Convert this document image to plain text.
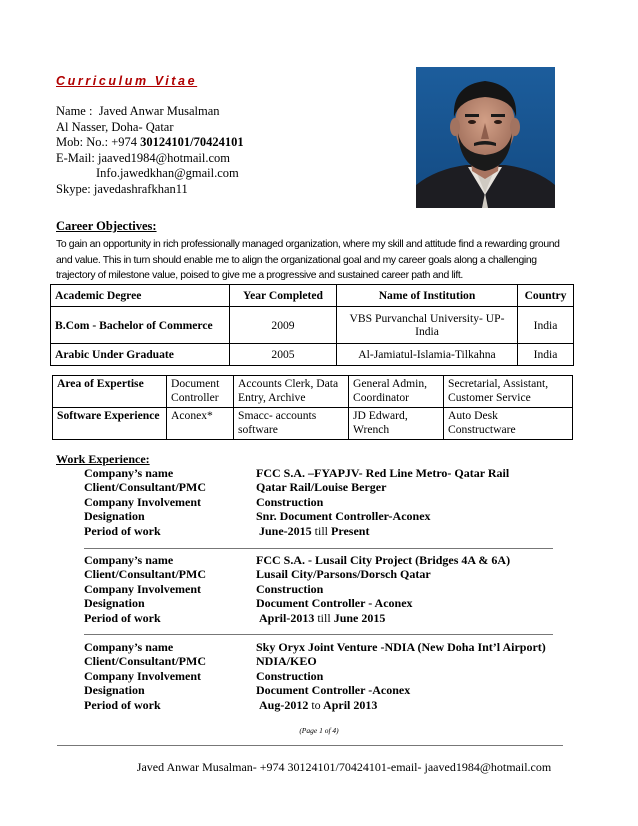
Curriculum Vitae
Name : Javed Anwar Musalman
Al Nasser, Doha- Qatar
Mob: No.: +974 30124101/70424101
E-Mail: jaaved1984@hotmail.com
Info.jawedkhan@gmail.com
Skype: javedashrafkhan11
Career Objectives:
To gain an opportunity in rich professionally managed organization, where my skill and attitude find a rewarding ground and value. This in turn should enable me to align the organizational goal and my career goals along a challenging trajectory of milestone value, poised to give me a progressive and sustained career path and lift.
Academic Degree	Year Completed	Name of Institution	Country
B.Com - Bachelor of Commerce	2009	VBS Purvanchal University- UP-India	India
Arabic Under Graduate	2005	Al-Jamiatul-Islamia-Tilkahna	India
Area of Expertise	Document Controller	Accounts Clerk, Data Entry, Archive	General Admin, Coordinator	Secretarial, Assistant, Customer Service
Software Experience	Aconex*	Smacc- accounts software	JD Edward, Wrench	Auto Desk Constructware
Work Experience:
Company’s name	FCC S.A. –FYAPJV- Red Line Metro- Qatar Rail
Client/Consultant/PMC	Qatar Rail/Louise Berger
Company Involvement	Construction
Designation	Snr. Document Controller-Aconex
Period of work	June-2015 till Present
Company’s name	FCC S.A. - Lusail City Project (Bridges 4A & 6A)
Client/Consultant/PMC	Lusail City/Parsons/Dorsch Qatar
Company Involvement	Construction
Designation	Document Controller - Aconex
Period of work	April-2013 till June 2015
Company’s name	Sky Oryx Joint Venture -NDIA (New Doha Int’l Airport)
Client/Consultant/PMC	NDIA/KEO
Company Involvement	Construction
Designation	Document Controller -Aconex
Period of work	Aug-2012 to April 2013
(Page 1 of 4)
Javed Anwar Musalman- +974 30124101/70424101-email- jaaved1984@hotmail.com
